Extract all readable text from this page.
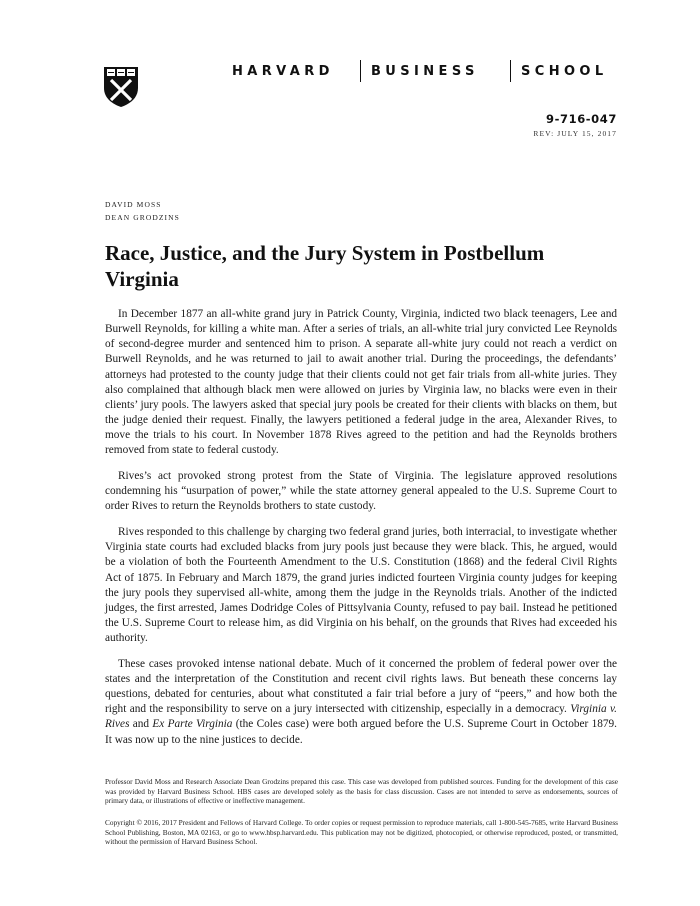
HARVARD	BUSINESS	SCHOOL
9-716-047
REV: JULY 15, 2017
DAVID MOSS
DEAN GRODZINS
Race, Justice, and the Jury System in Postbellum Virginia

In December 1877 an all-white grand jury in Patrick County, Virginia, indicted two black teenagers, Lee and Burwell Reynolds, for killing a white man. After a series of trials, an all-white trial jury convicted Lee Reynolds of second-degree murder and sentenced him to prison. A separate all-white jury could not reach a verdict on Burwell Reynolds, and he was returned to jail to await another trial. During the proceedings, the defendants’ attorneys had protested to the county judge that their clients could not get fair trials from all-white juries. They also complained that although black men were allowed on juries by Virginia law, no blacks were even in their clients’ jury pools. The lawyers asked that special jury pools be created for their clients with blacks on them, but the judge denied their request. Finally, the lawyers petitioned a federal judge in the area, Alexander Rives, to move the trials to his court. In November 1878 Rives agreed to the petition and had the Reynolds brothers removed from state to federal custody.

Rives’s act provoked strong protest from the State of Virginia. The legislature approved resolutions condemning his “usurpation of power,” while the state attorney general appealed to the U.S. Supreme Court to order Rives to return the Reynolds brothers to state custody.

Rives responded to this challenge by charging two federal grand juries, both interracial, to investigate whether Virginia state courts had excluded blacks from jury pools just because they were black. This, he argued, would be a violation of both the Fourteenth Amendment to the U.S. Constitution (1868) and the federal Civil Rights Act of 1875. In February and March 1879, the grand juries indicted fourteen Virginia county judges for keeping the jury pools they supervised all-white, among them the judge in the Reynolds trials. Another of the indicted judges, the first arrested, James Dodridge Coles of Pittsylvania County, refused to pay bail. Instead he petitioned the U.S. Supreme Court to release him, as did Virginia on his behalf, on the grounds that Rives had exceeded his authority.

These cases provoked intense national debate. Much of it concerned the problem of federal power over the states and the interpretation of the Constitution and recent civil rights laws. But beneath these concerns lay questions, debated for centuries, about what constituted a fair trial before a jury of “peers,” and how both the right and the responsibility to serve on a jury intersected with citizenship, especially in a democracy. Virginia v. Rives and Ex Parte Virginia (the Coles case) were both argued before the U.S. Supreme Court in October 1879. It was now up to the nine justices to decide.

Professor David Moss and Research Associate Dean Grodzins prepared this case. This case was developed from published sources. Funding for the development of this case was provided by Harvard Business School. HBS cases are developed solely as the basis for class discussion. Cases are not intended to serve as endorsements, sources of primary data, or illustrations of effective or ineffective management.
Copyright © 2016, 2017 President and Fellows of Harvard College. To order copies or request permission to reproduce materials, call 1-800-545-7685, write Harvard Business School Publishing, Boston, MA 02163, or go to www.hbsp.harvard.edu. This publication may not be digitized, photocopied, or otherwise reproduced, posted, or transmitted, without the permission of Harvard Business School.
